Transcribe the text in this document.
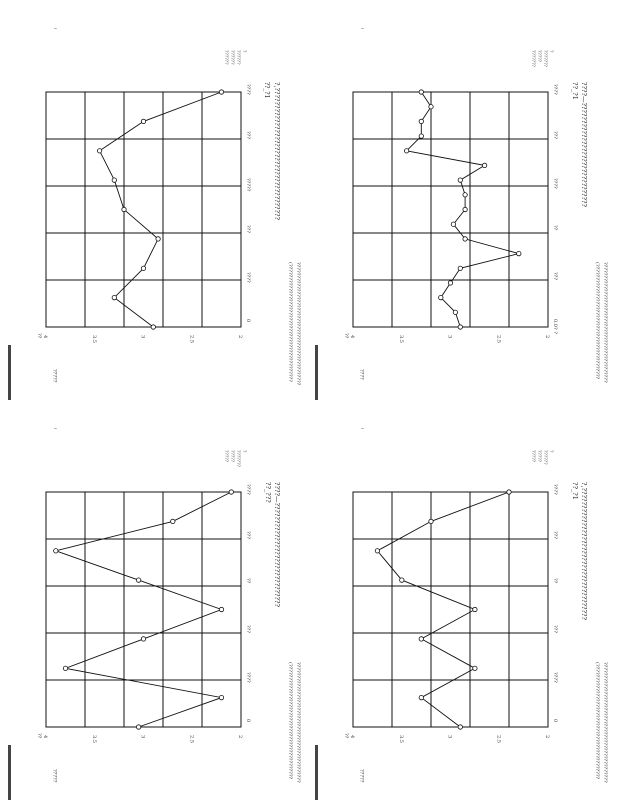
2
2.5
3
3.5
4
0
????
???
?????
???
????	?,??????????????????????????????????????
??_?1
(???????????????????????????????????????????? ??????????????????????????????????????????????
?
??????
??????
??????
??
?????
–
2
2.5
3
3.5
4
0.0? ?
???
??
????
???
????	????—??????????????????????????????
??_?1
(??????????????????????????????????????????? ?????????????????????????????????????????????
?
???????
?????
???????
??
????
–
2
2.5
3
3.5
4
0
????
???
??
???
????	????—??????????????????????????????
??_???
(??????????????????????????????????????????? ?????????????????????????????????????????????
?
???????
?????
?????
??
?????
–
2
2.5
3
3.5
4
0
????
???
??
???
????	?,??????????????????????????????????????
??_?1
(??????????????????????????????????????????? ?????????????????????????????????????????????
?
??????
?????
?????
??
?????
–
